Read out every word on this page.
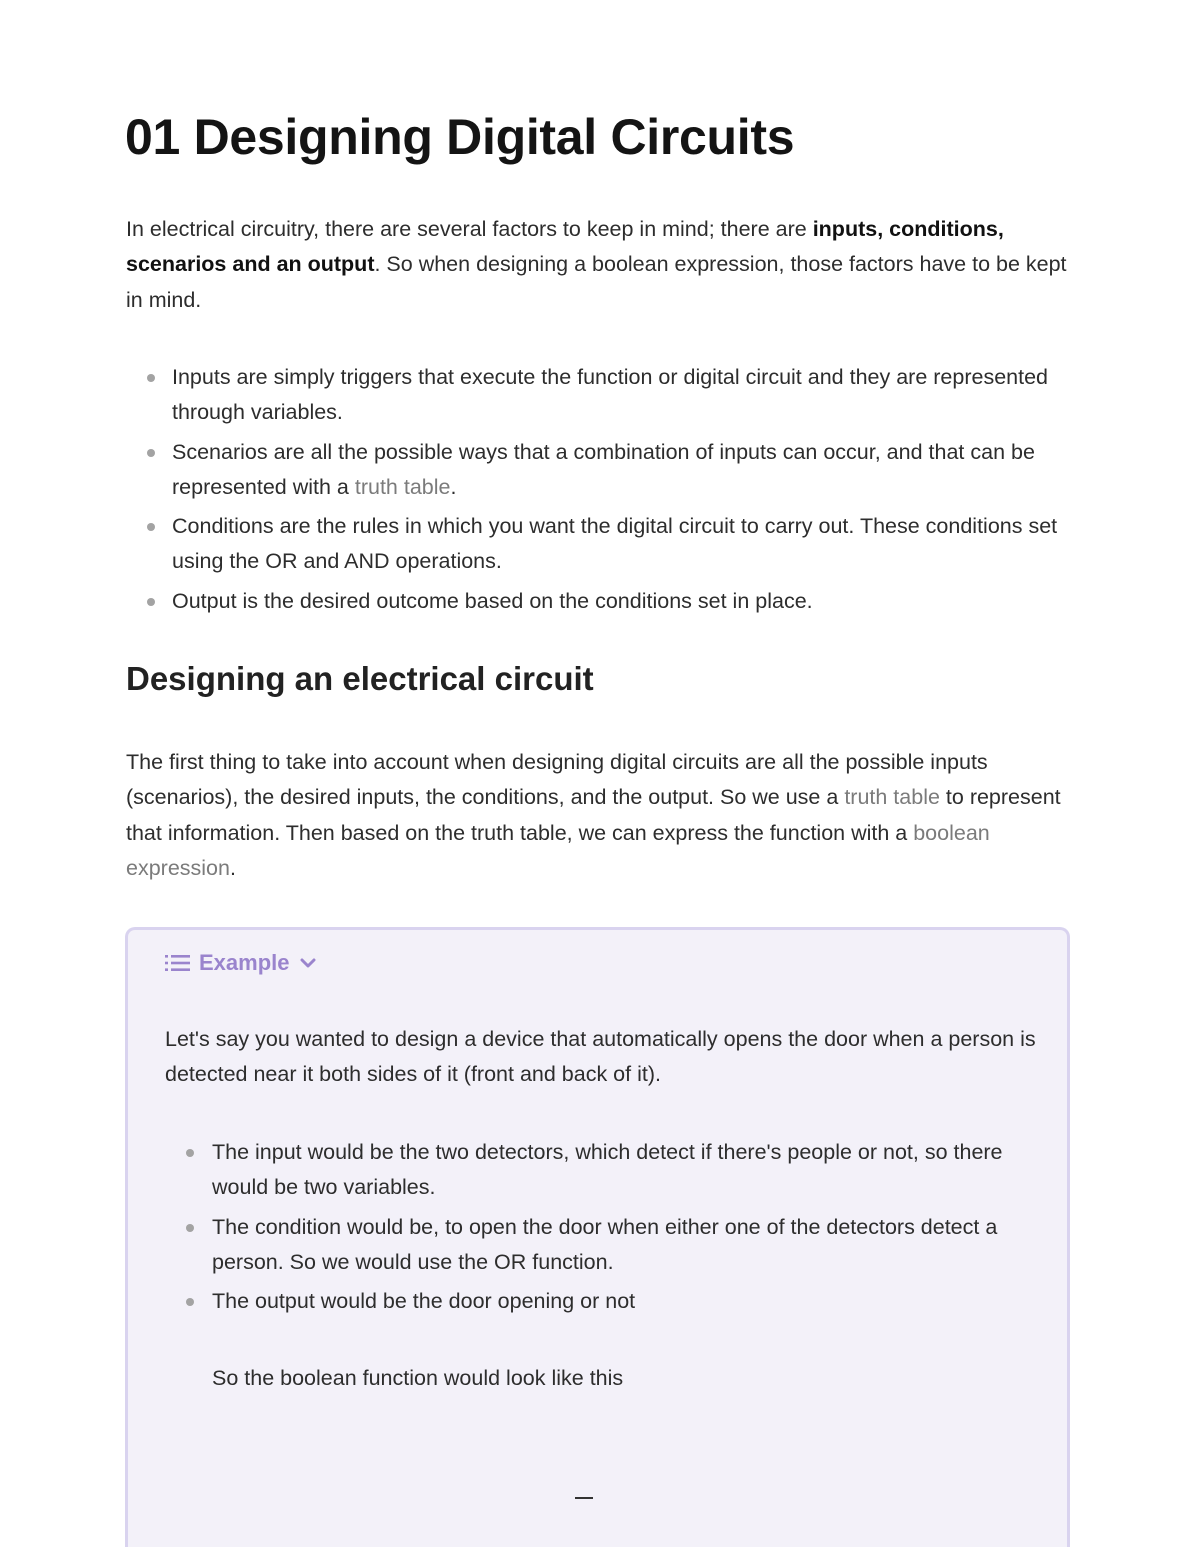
01 Designing Digital Circuits

In electrical circuitry, there are several factors to keep in mind; there are inputs, conditions, scenarios and an output. So when designing a boolean expression, those factors have to be kept in mind.

Inputs are simply triggers that execute the function or digital circuit and they are represented through variables.
Scenarios are all the possible ways that a combination of inputs can occur, and that can be represented with a truth table.
Conditions are the rules in which you want the digital circuit to carry out. These conditions set using the OR and AND operations.
Output is the desired outcome based on the conditions set in place.
Designing an electrical circuit

The first thing to take into account when designing digital circuits are all the possible inputs (scenarios), the desired inputs, the conditions, and the output. So we use a truth table to represent that information. Then based on the truth table, we can express the function with a boolean expression.

Example

Let's say you wanted to design a device that automatically opens the door when a person is detected near it both sides of it (front and back of it).

The input would be the two detectors, which detect if there's people or not, so there would be two variables.
The condition would be, to open the door when either one of the detectors detect a person. So we would use the OR function.
The output would be the door opening or not

So the boolean function would look like this
